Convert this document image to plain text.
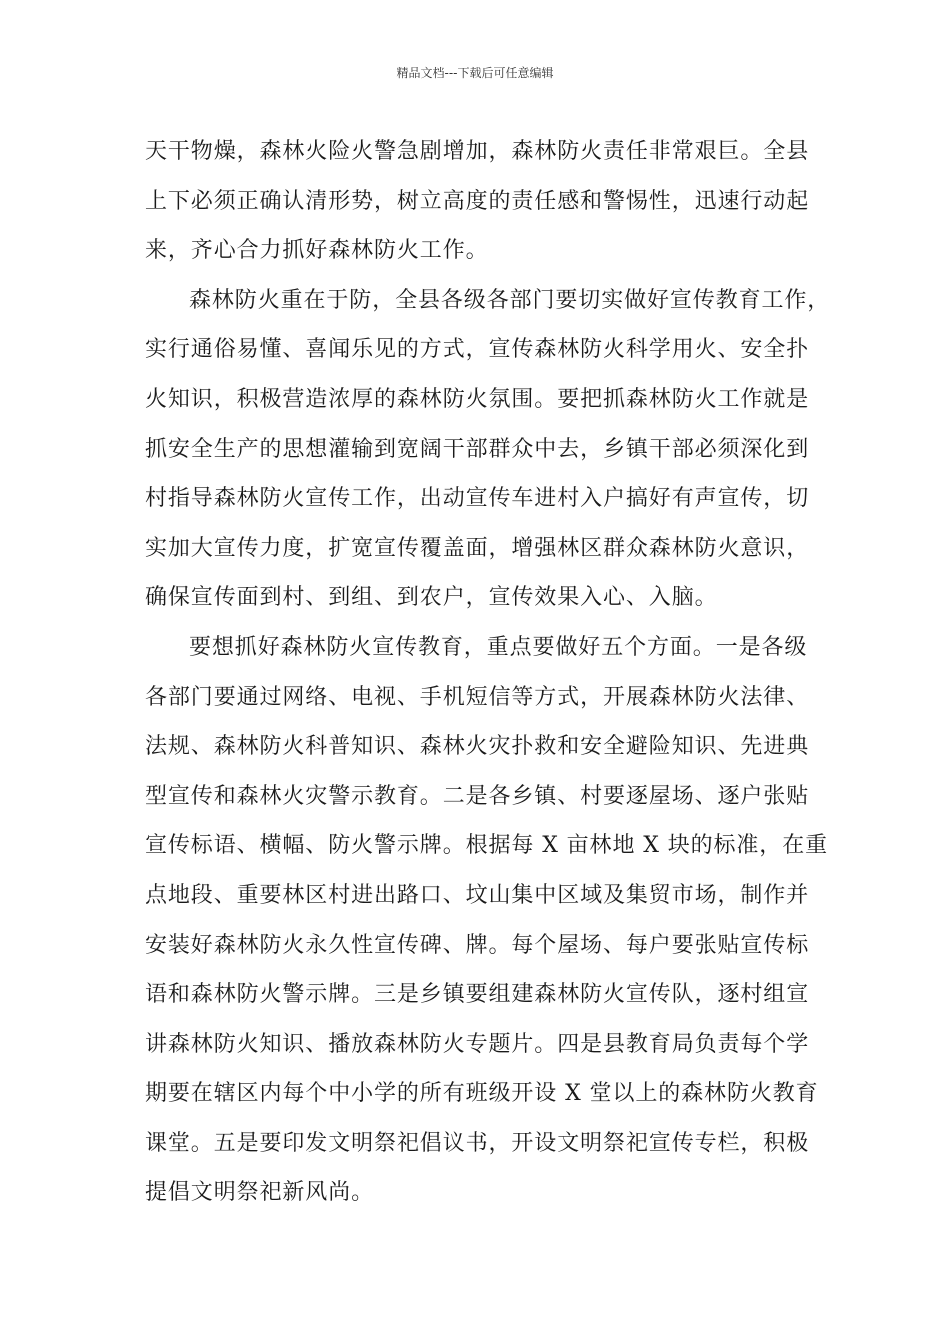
精品文档---下载后可任意编辑
天干物燥，森林火险火警急剧增加，森林防火责任非常艰巨。全县
上下必须正确认清形势，树立高度的责任感和警惕性，迅速行动起
来，齐心合力抓好森林防火工作。
森林防火重在于防，全县各级各部门要切实做好宣传教育工作，
实行通俗易懂、喜闻乐见的方式，宣传森林防火科学用火、安全扑
火知识，积极营造浓厚的森林防火氛围。要把抓森林防火工作就是
抓安全生产的思想灌输到宽阔干部群众中去，乡镇干部必须深化到
村指导森林防火宣传工作，出动宣传车进村入户搞好有声宣传，切
实加大宣传力度，扩宽宣传覆盖面，增强林区群众森林防火意识，
确保宣传面到村、到组、到农户，宣传效果入心、入脑。
要想抓好森林防火宣传教育，重点要做好五个方面。一是各级
各部门要通过网络、电视、手机短信等方式，开展森林防火法律、
法规、森林防火科普知识、森林火灾扑救和安全避险知识、先进典
型宣传和森林火灾警示教育。二是各乡镇、村要逐屋场、逐户张贴
宣传标语、横幅、防火警示牌。根据每 X 亩林地 X 块的标准，在重
点地段、重要林区村进出路口、坟山集中区域及集贸市场，制作并
安装好森林防火永久性宣传碑、牌。每个屋场、每户要张贴宣传标
语和森林防火警示牌。三是乡镇要组建森林防火宣传队，逐村组宣
讲森林防火知识、播放森林防火专题片。四是县教育局负责每个学
期要在辖区内每个中小学的所有班级开设 X 堂以上的森林防火教育
课堂。五是要印发文明祭祀倡议书，开设文明祭祀宣传专栏，积极
提倡文明祭祀新风尚。
